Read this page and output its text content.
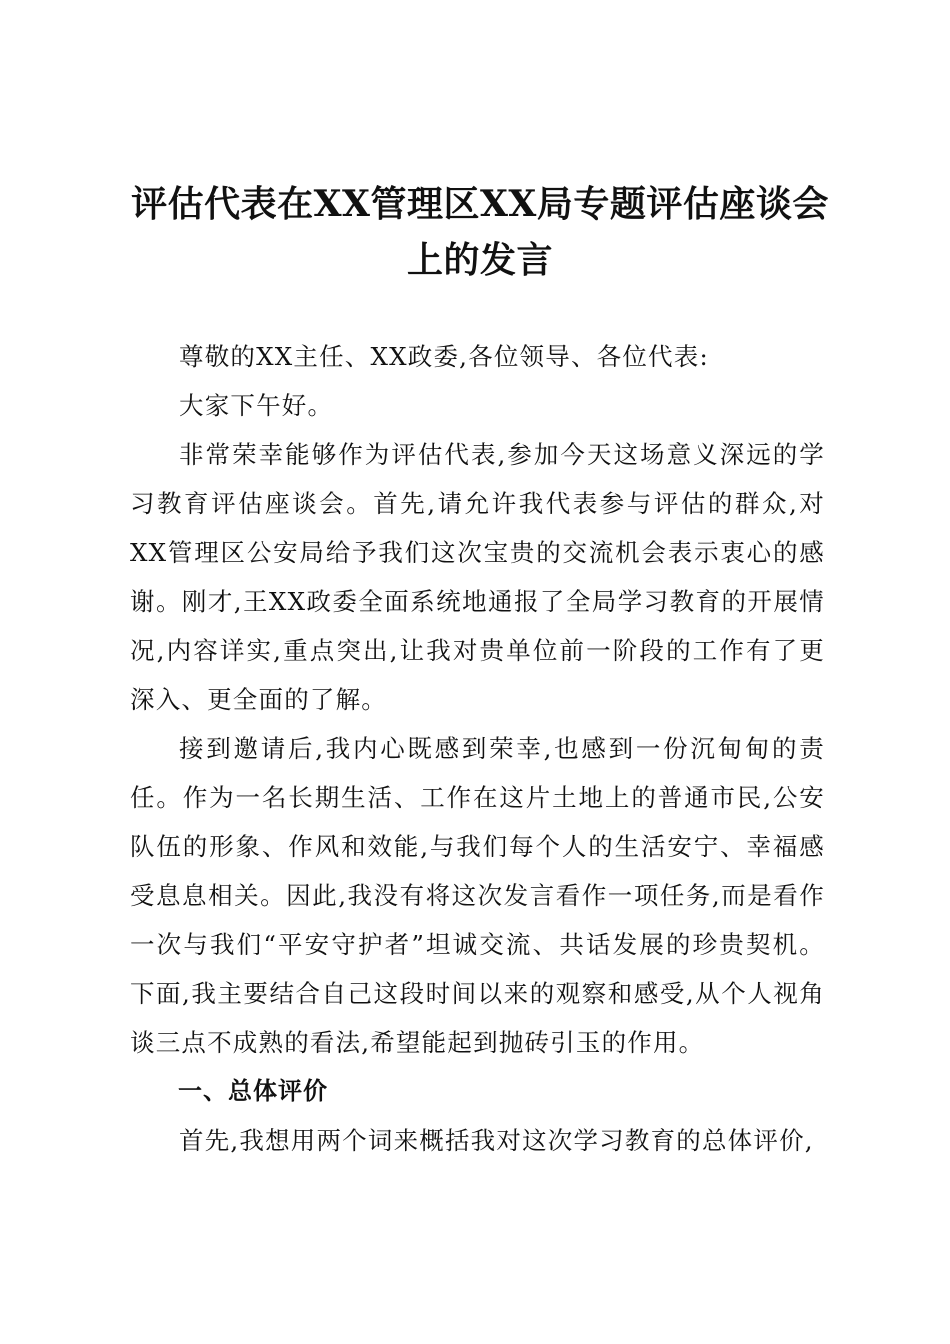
评估代表在XX管理区XX局专题评估座谈会
上的发言

尊敬的XX主任、XX政委,各位领导、各位代表:

大家下午好。

非常荣幸能够作为评估代表,参加今天这场意义深远的学习教育评估座谈会。首先,请允许我代表参与评估的群众,对XX管理区公安局给予我们这次宝贵的交流机会表示衷心的感谢。刚才,王XX政委全面系统地通报了全局学习教育的开展情况,内容详实,重点突出,让我对贵单位前一阶段的工作有了更深入、更全面的了解。

接到邀请后,我内心既感到荣幸,也感到一份沉甸甸的责任。作为一名长期生活、工作在这片土地上的普通市民,公安队伍的形象、作风和效能,与我们每个人的生活安宁、幸福感受息息相关。因此,我没有将这次发言看作一项任务,而是看作一次与我们“平安守护者”坦诚交流、共话发展的珍贵契机。下面,我主要结合自己这段时间以来的观察和感受,从个人视角谈三点不成熟的看法,希望能起到抛砖引玉的作用。

一、总体评价

首先,我想用两个词来概括我对这次学习教育的总体评价,
